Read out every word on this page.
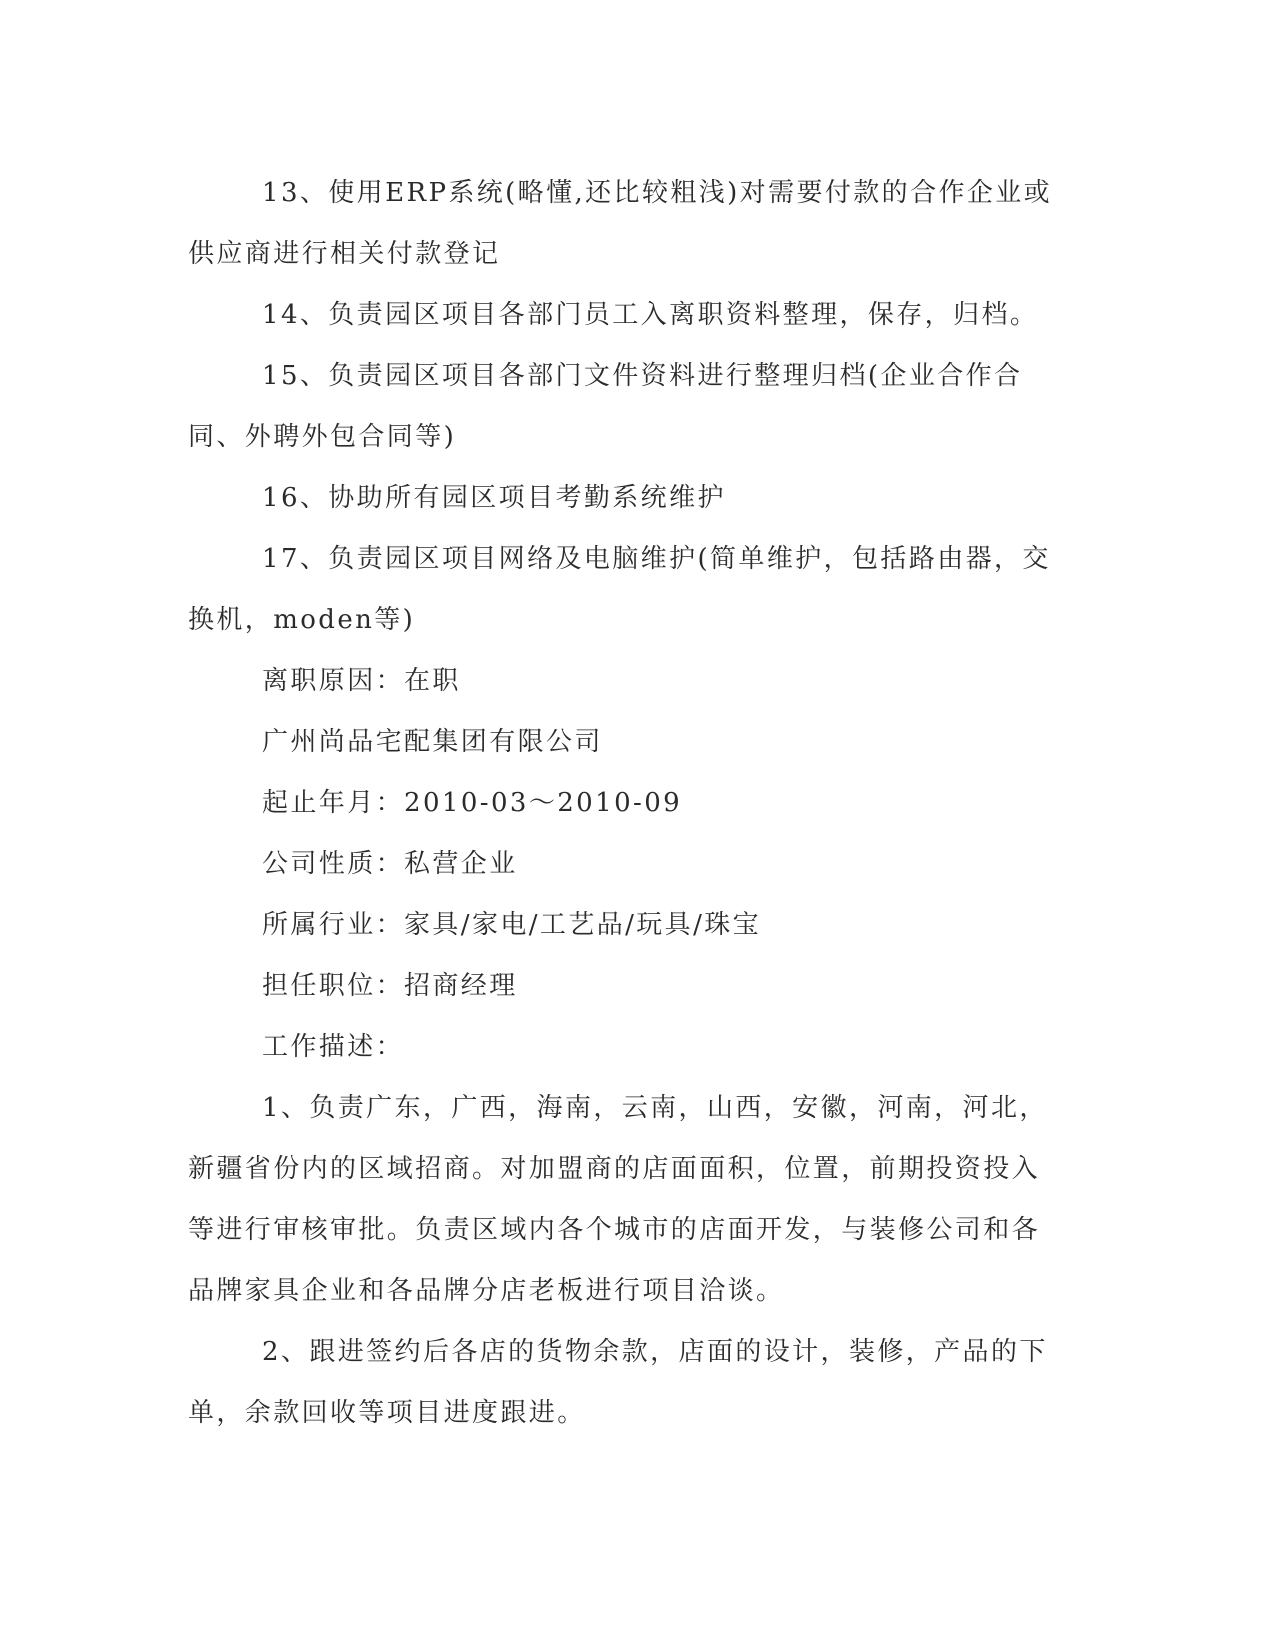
13、使用ERP系统(略懂,还比较粗浅)对需要付款的合作企业或供应商进行相关付款登记

14、负责园区项目各部门员工入离职资料整理，保存，归档。

15、负责园区项目各部门文件资料进行整理归档(企业合作合同、外聘外包合同等)

16、协助所有园区项目考勤系统维护

17、负责园区项目网络及电脑维护(简单维护，包括路由器，交换机，moden等)

离职原因：在职

广州尚品宅配集团有限公司

起止年月：2010-03～2010-09

公司性质：私营企业

所属行业：家具/家电/工艺品/玩具/珠宝

担任职位：招商经理

工作描述：

1、负责广东，广西，海南，云南，山西，安徽，河南，河北，新疆省份内的区域招商。对加盟商的店面面积，位置，前期投资投入等进行审核审批。负责区域内各个城市的店面开发，与装修公司和各品牌家具企业和各品牌分店老板进行项目洽谈。

2、跟进签约后各店的货物余款，店面的设计，装修，产品的下单，余款回收等项目进度跟进。
